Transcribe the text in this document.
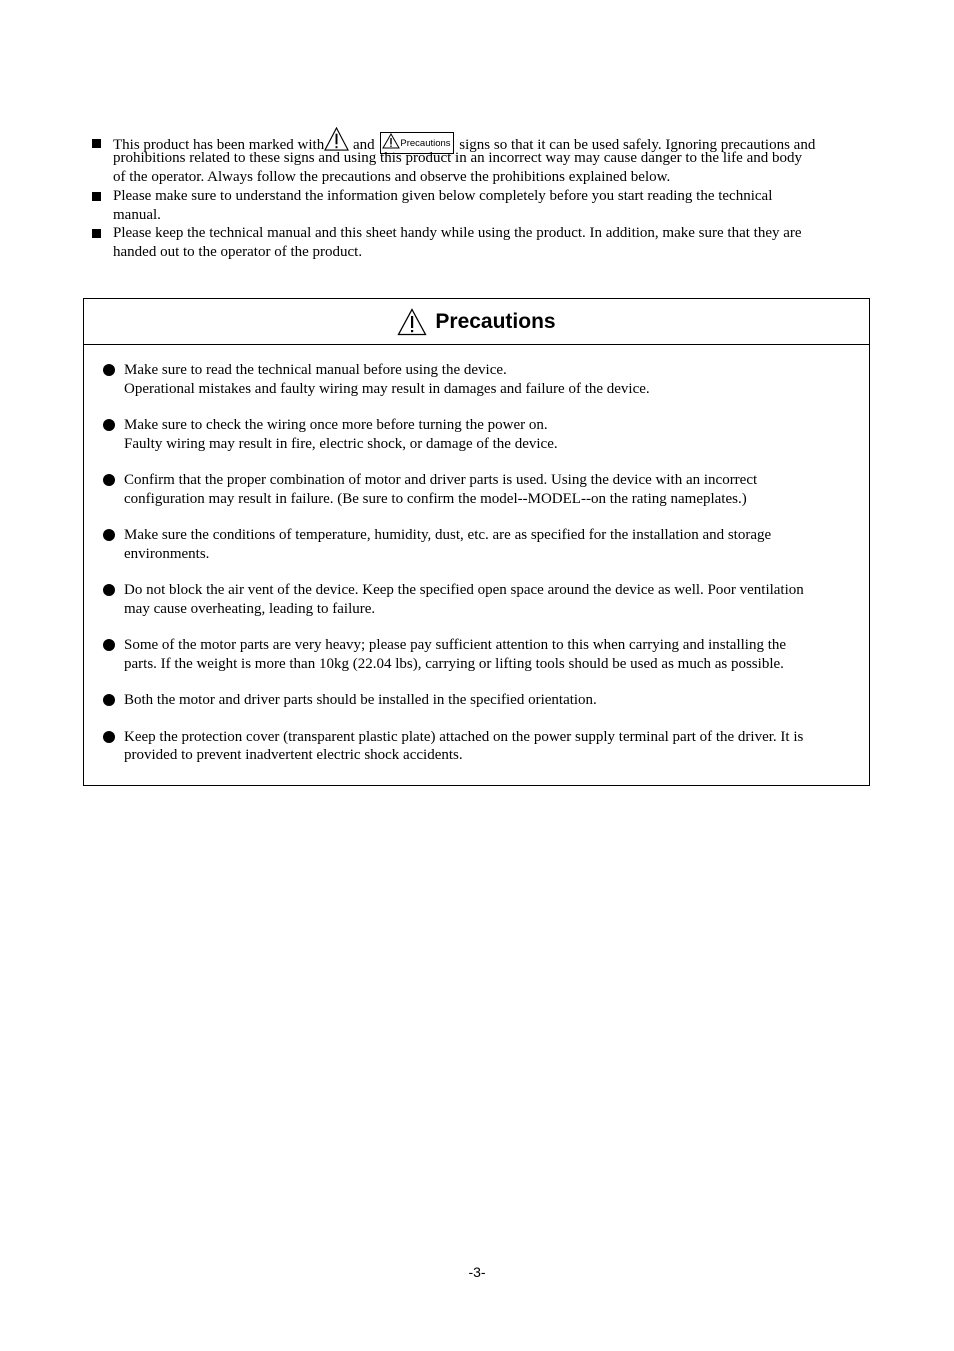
This product has been marked with and	Precautions signs so that it can be used safely. Ignoring precautions and
prohibitions related to these signs and using this product in an incorrect way may cause danger to the life and body
of the operator. Always follow the precautions and observe the prohibitions explained below.
Please make sure to understand the information given below completely before you start reading the technical
manual.
Please keep the technical manual and this sheet handy while using the product. In addition, make sure that they are
handed out to the operator of the product.
Precautions
Make sure to read the technical manual before using the device.
Operational mistakes and faulty wiring may result in damages and failure of the device.
Make sure to check the wiring once more before turning the power on.
Faulty wiring may result in fire, electric shock, or damage of the device.
Confirm that the proper combination of motor and driver parts is used. Using the device with an incorrect
configuration may result in failure. (Be sure to confirm the model--MODEL--on the rating nameplates.)
Make sure the conditions of temperature, humidity, dust, etc. are as specified for the installation and storage
environments.
Do not block the air vent of the device. Keep the specified open space around the device as well. Poor ventilation
may cause overheating, leading to failure.
Some of the motor parts are very heavy; please pay sufficient attention to this when carrying and installing the
parts. If the weight is more than 10kg (22.04 lbs), carrying or lifting tools should be used as much as possible.
Both the motor and driver parts should be installed in the specified orientation.
Keep the protection cover (transparent plastic plate) attached on the power supply terminal part of the driver. It is
provided to prevent inadvertent electric shock accidents.
-3-
